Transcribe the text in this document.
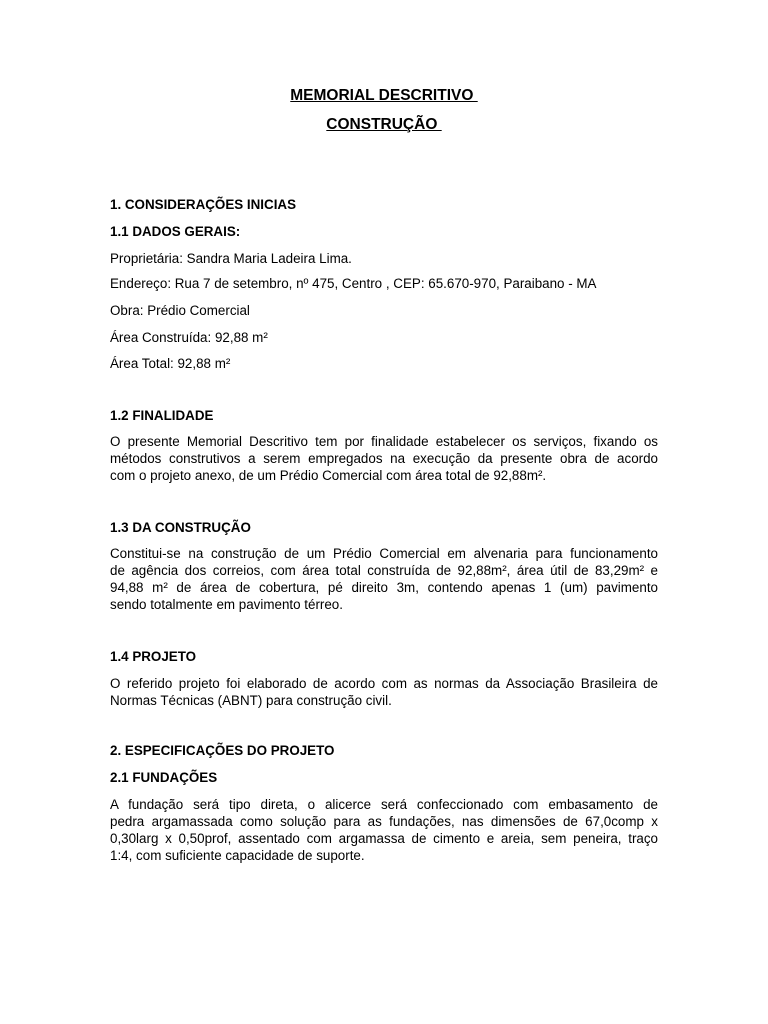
MEMORIAL DESCRITIVO
CONSTRUÇÃO
1. CONSIDERAÇÕES INICIAS
1.1 DADOS GERAIS:
Proprietária: Sandra Maria Ladeira Lima.
Endereço: Rua 7 de setembro, nº 475, Centro , CEP: 65.670-970, Paraibano - MA
Obra: Prédio Comercial
Área Construída: 92,88 m²
Área Total: 92,88 m²
1.2 FINALIDADE
O presente Memorial Descritivo tem por finalidade estabelecer os serviços, fixando os
métodos construtivos a serem empregados na execução da presente obra de acordo
com o projeto anexo, de um Prédio Comercial com área total de 92,88m².
1.3 DA CONSTRUÇÃO
Constitui-se na construção de um Prédio Comercial em alvenaria para funcionamento
de agência dos correios, com área total construída de 92,88m², área útil de 83,29m² e
94,88 m² de área de cobertura, pé direito 3m, contendo apenas 1 (um) pavimento
sendo totalmente em pavimento térreo.
1.4 PROJETO
O referido projeto foi elaborado de acordo com as normas da Associação Brasileira de
Normas Técnicas (ABNT) para construção civil.
2. ESPECIFICAÇÕES DO PROJETO
2.1 FUNDAÇÕES
A fundação será tipo direta, o alicerce será confeccionado com embasamento de
pedra argamassada como solução para as fundações, nas dimensões de 67,0comp x
0,30larg x 0,50prof, assentado com argamassa de cimento e areia, sem peneira, traço
1:4, com suficiente capacidade de suporte.
